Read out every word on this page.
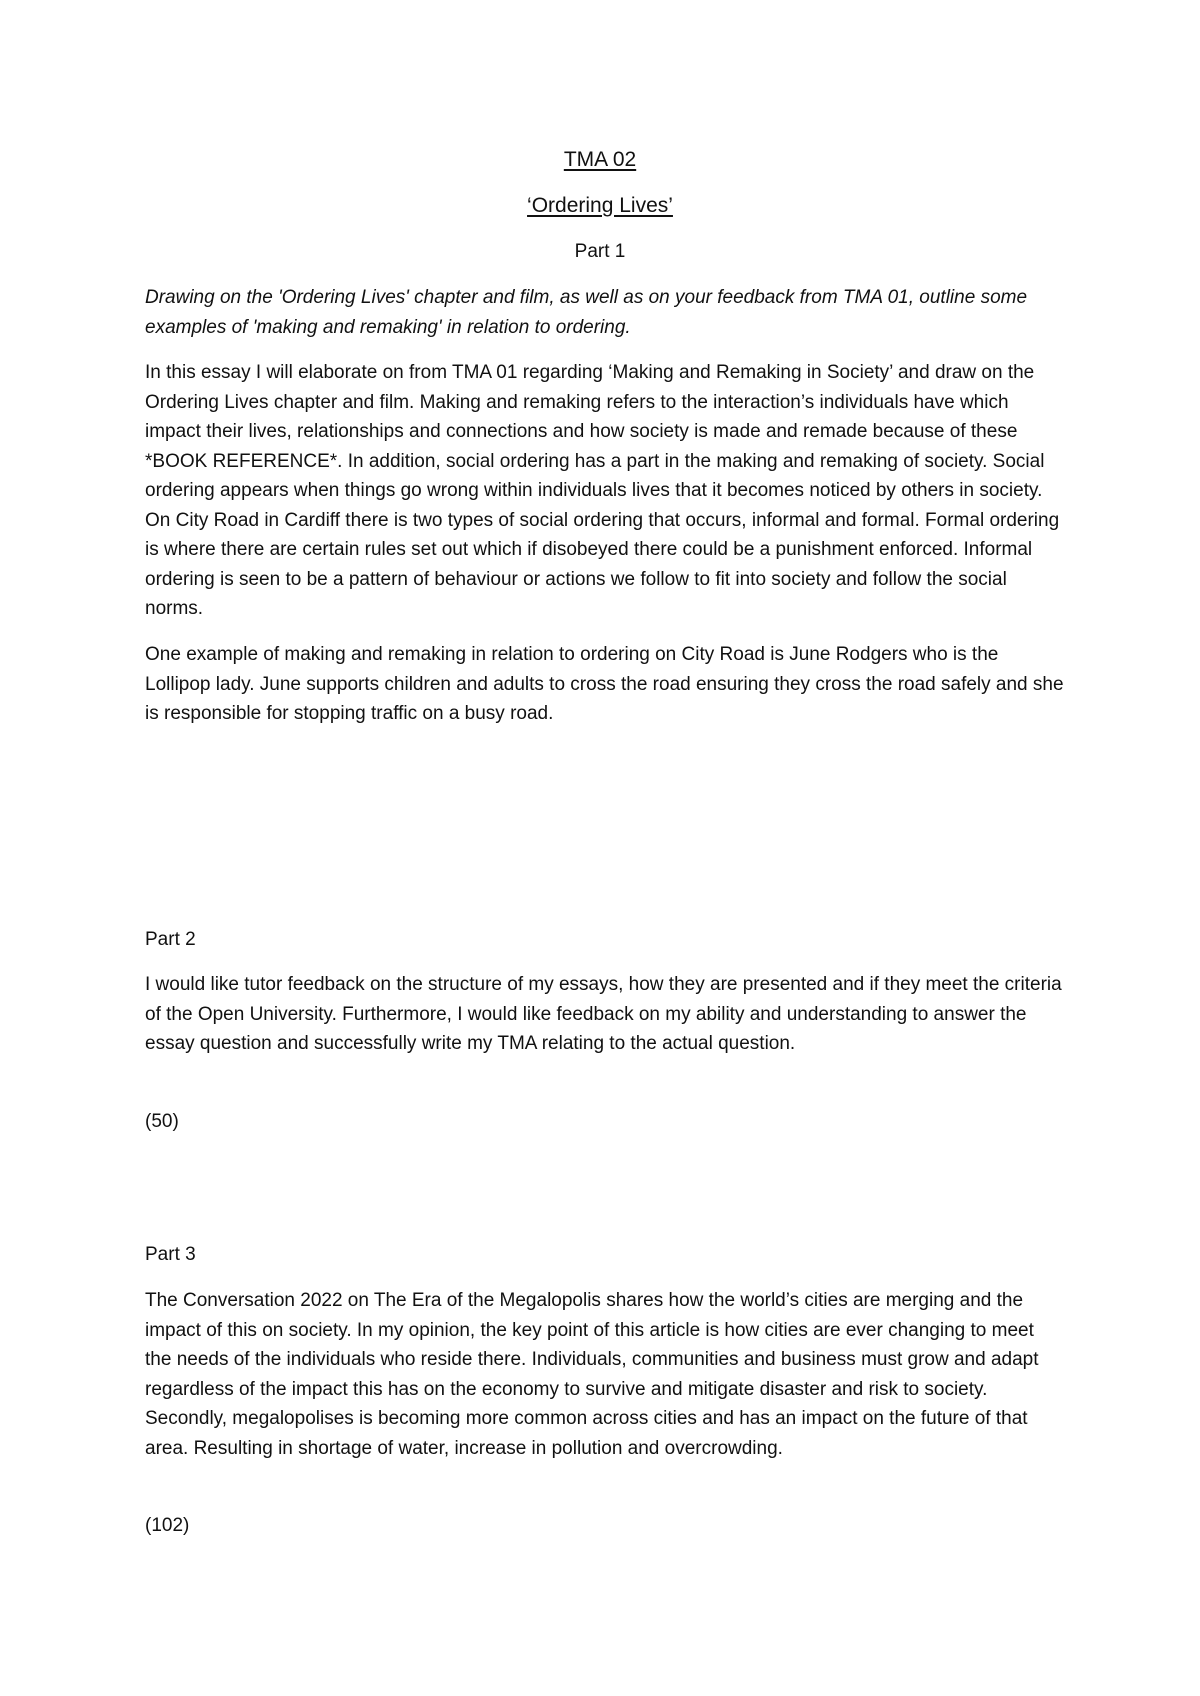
TMA 02
‘Ordering Lives’
Part 1

Drawing on the 'Ordering Lives' chapter and film, as well as on your feedback from TMA 01, outline some examples of 'making and remaking' in relation to ordering.

In this essay I will elaborate on from TMA 01 regarding ‘Making and Remaking in Society’ and draw on the Ordering Lives chapter and film. Making and remaking refers to the interaction’s individuals have which impact their lives, relationships and connections and how society is made and remade because of these *BOOK REFERENCE*. In addition, social ordering has a part in the making and remaking of society. Social ordering appears when things go wrong within individuals lives that it becomes noticed by others in society. On City Road in Cardiff there is two types of social ordering that occurs, informal and formal. Formal ordering is where there are certain rules set out which if disobeyed there could be a punishment enforced. Informal ordering is seen to be a pattern of behaviour or actions we follow to fit into society and follow the social norms.

One example of making and remaking in relation to ordering on City Road is June Rodgers who is the Lollipop lady. June supports children and adults to cross the road ensuring they cross the road safely and she is responsible for stopping traffic on a busy road.

Part 2

I would like tutor feedback on the structure of my essays, how they are presented and if they meet the criteria of the Open University. Furthermore, I would like feedback on my ability and understanding to answer the essay question and successfully write my TMA relating to the actual question.

(50)
Part 3

The Conversation 2022 on The Era of the Megalopolis shares how the world’s cities are merging and the impact of this on society. In my opinion, the key point of this article is how cities are ever changing to meet the needs of the individuals who reside there. Individuals, communities and business must grow and adapt regardless of the impact this has on the economy to survive and mitigate disaster and risk to society. Secondly, megalopolises is becoming more common across cities and has an impact on the future of that area. Resulting in shortage of water, increase in pollution and overcrowding.

(102)
